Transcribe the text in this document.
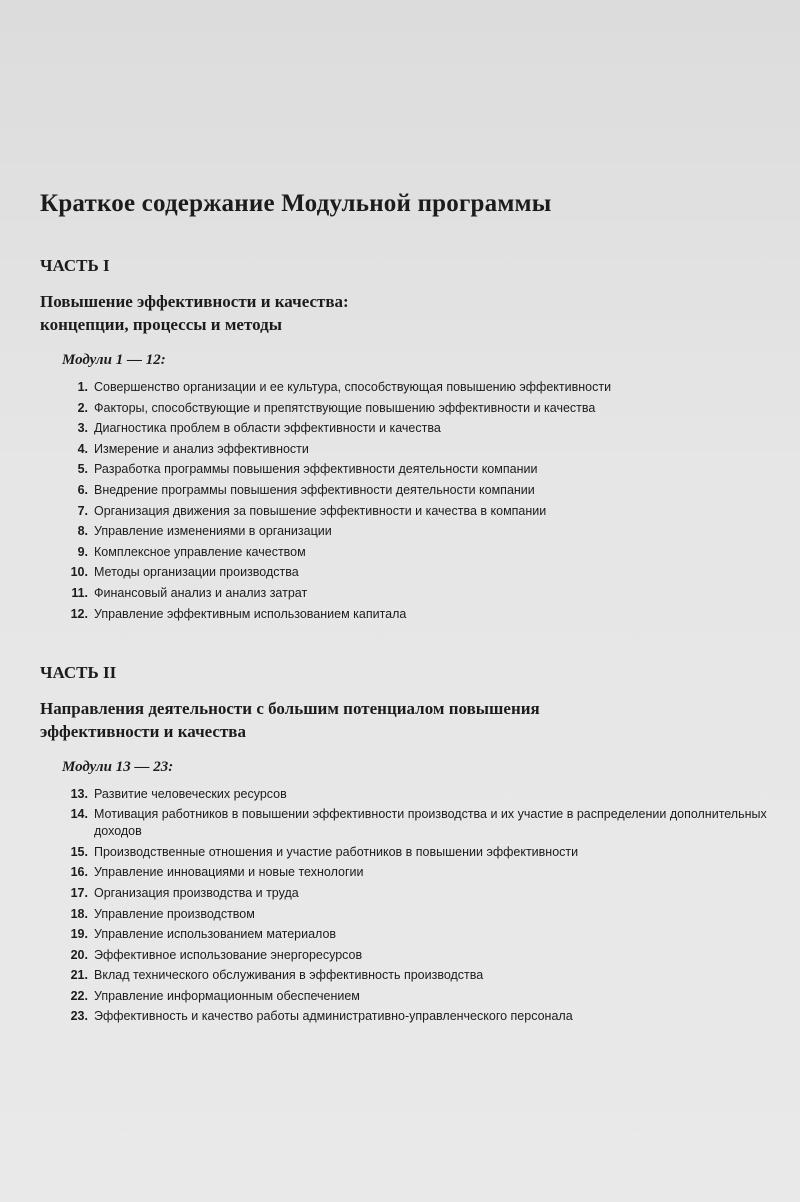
Краткое содержание Модульной программы
ЧАСТЬ I
Повышение эффективности и качества:
концепции, процессы и методы
Модули 1 — 12:
1. Совершенство организации и ее культура, способствующая повышению эффективности
2. Факторы, способствующие и препятствующие повышению эффективности и качества
3. Диагностика проблем в области эффективности и качества
4. Измерение и анализ эффективности
5. Разработка программы повышения эффективности деятельности компании
6. Внедрение программы повышения эффективности деятельности компании
7. Организация движения за повышение эффективности и качества в компании
8. Управление изменениями в организации
9. Комплексное управление качеством
10. Методы организации производства
11. Финансовый анализ и анализ затрат
12. Управление эффективным использованием капитала
ЧАСТЬ II
Направления деятельности с большим потенциалом повышения
эффективности и качества
Модули 13 — 23:
13. Развитие человеческих ресурсов
14. Мотивация работников в повышении эффективности производства и их участие в распределении дополнительных доходов
15. Производственные отношения и участие работников в повышении эффективности
16. Управление инновациями и новые технологии
17. Организация производства и труда
18. Управление производством
19. Управление использованием материалов
20. Эффективное использование энергоресурсов
21. Вклад технического обслуживания в эффективность производства
22. Управление информационным обеспечением
23. Эффективность и качество работы административно-управленческого персонала
